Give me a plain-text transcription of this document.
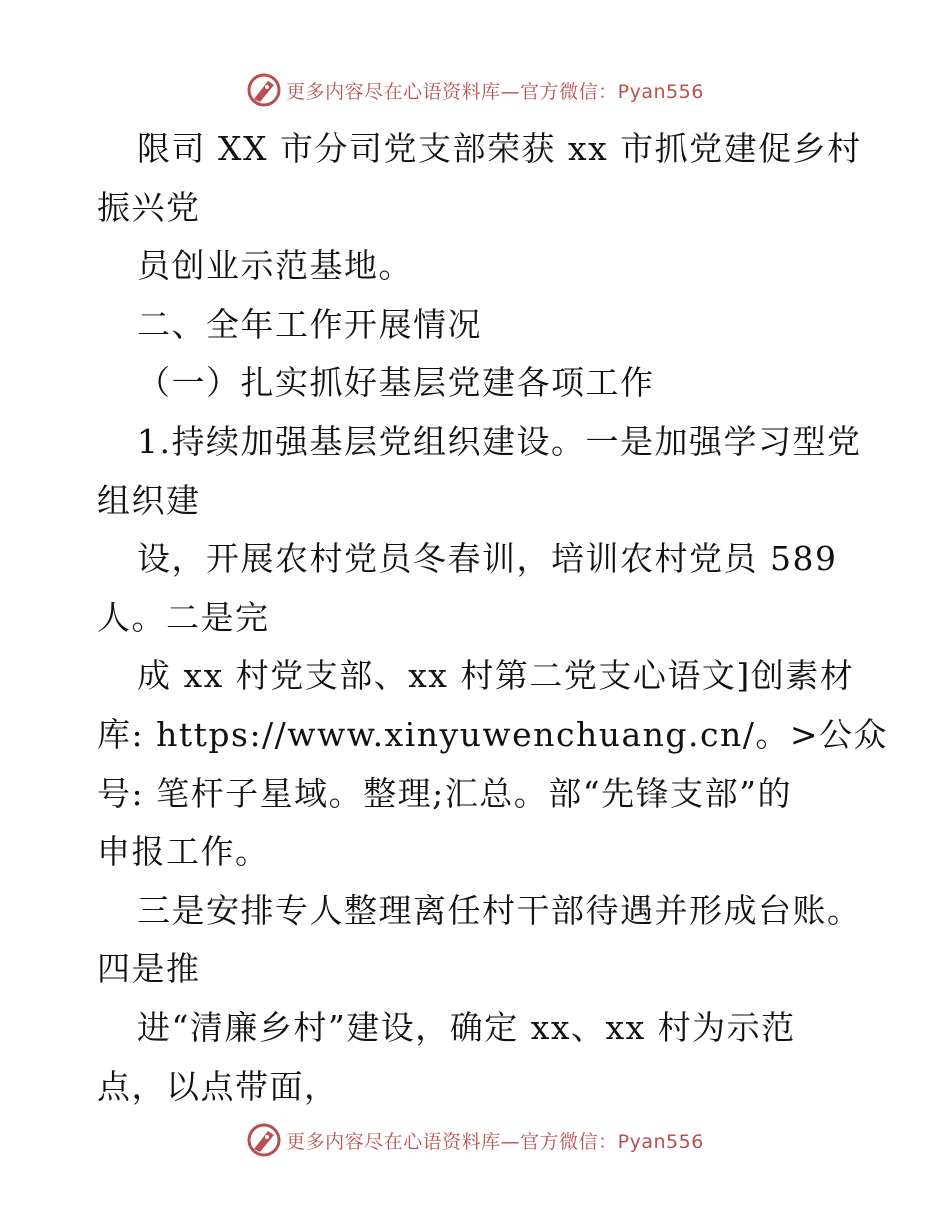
更多内容尽在心语资料库—官方微信：Pyan556
限司 XX 市分司党支部荣获 xx 市抓党建促乡村
振兴党
员创业示范基地。
二、全年工作开展情况
（一）扎实抓好基层党建各项工作
1.持续加强基层党组织建设。一是加强学习型党
组织建
设，开展农村党员冬春训，培训农村党员 589
人。二是完
成 xx 村党支部、xx 村第二党支心语文]创素材
库: https://www.xinyuwenchuang.cn/。>公众
号: 笔杆子星域。整理;汇总。部“先锋支部”的
申报工作。
三是安排专人整理离任村干部待遇并形成台账。
四是推
进“清廉乡村”建设，确定 xx、xx 村为示范
点，以点带面，
更多内容尽在心语资料库—官方微信：Pyan556
